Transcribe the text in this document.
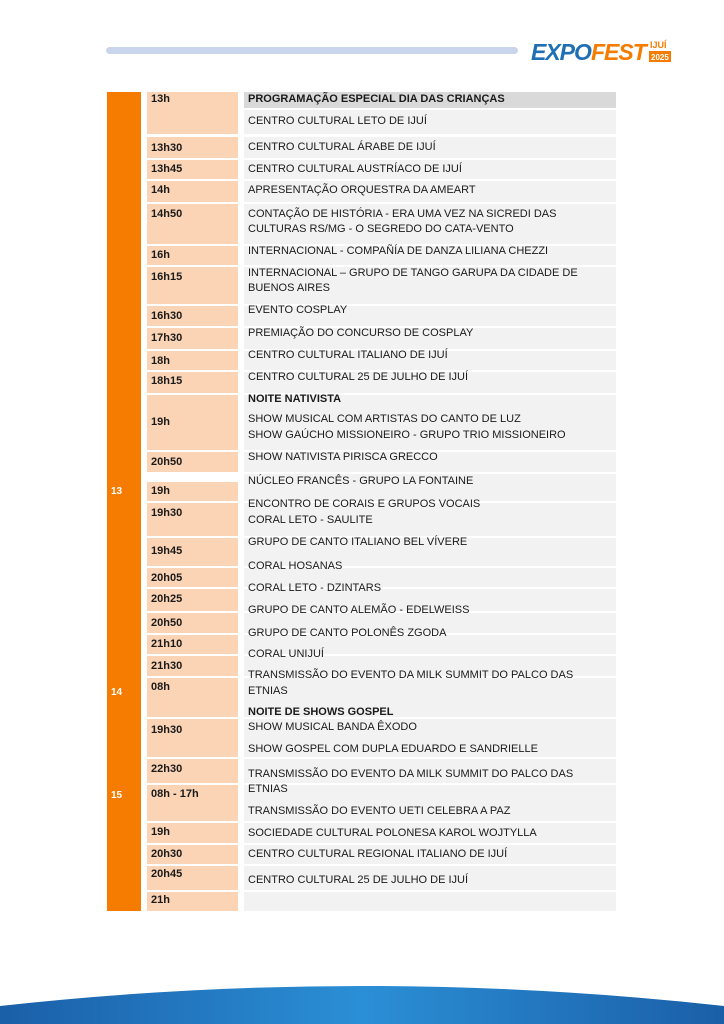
EXPO FEST IJUÍ
2025
13
14
15
13h
13h30
13h45
14h
14h50
16h
16h15
16h30
17h30
18h
18h15
19h
20h50
19h
19h30
19h45
20h05
20h25
20h50
21h10
21h30
08h
19h30
22h30
08h - 17h
19h
20h30
20h45
21h
PROGRAMAÇÃO ESPECIAL DIA DAS CRIANÇAS
CENTRO CULTURAL LETO DE IJUÍ
CENTRO CULTURAL ÁRABE DE IJUÍ
CENTRO CULTURAL AUSTRÍACO DE IJUÍ
APRESENTAÇÃO ORQUESTRA DA AMEART
CONTAÇÃO DE HISTÓRIA - ERA UMA VEZ NA SICREDI DAS
CULTURAS RS/MG - O SEGREDO DO CATA-VENTO
INTERNACIONAL - COMPAÑÍA DE DANZA LILIANA CHEZZI
INTERNACIONAL – GRUPO DE TANGO GARUPA DA CIDADE DE
BUENOS AIRES
EVENTO COSPLAY
PREMIAÇÃO DO CONCURSO DE COSPLAY
CENTRO CULTURAL ITALIANO DE IJUÍ
CENTRO CULTURAL 25 DE JULHO DE IJUÍ
NOITE NATIVISTA
SHOW MUSICAL COM ARTISTAS DO CANTO DE LUZ
SHOW GAÚCHO MISSIONEIRO - GRUPO TRIO MISSIONEIRO
SHOW NATIVISTA PIRISCA GRECCO
NÚCLEO FRANCÊS - GRUPO LA FONTAINE
ENCONTRO DE CORAIS E GRUPOS VOCAIS
CORAL LETO - SAULITE
GRUPO DE CANTO ITALIANO BEL VÍVERE
CORAL HOSANAS
CORAL LETO - DZINTARS
GRUPO DE CANTO ALEMÃO - EDELWEISS
GRUPO DE CANTO POLONÊS ZGODA
CORAL UNIJUÍ
TRANSMISSÃO DO EVENTO DA MILK SUMMIT DO PALCO DAS
ETNIAS
NOITE DE SHOWS GOSPEL
SHOW MUSICAL BANDA ÊXODO
SHOW GOSPEL COM DUPLA EDUARDO E SANDRIELLE
TRANSMISSÃO DO EVENTO DA MILK SUMMIT DO PALCO DAS
ETNIAS
TRANSMISSÃO DO EVENTO UETI CELEBRA A PAZ
SOCIEDADE CULTURAL POLONESA KAROL WOJTYLLA
CENTRO CULTURAL REGIONAL ITALIANO DE IJUÍ
CENTRO CULTURAL 25 DE JULHO DE IJUÍ
